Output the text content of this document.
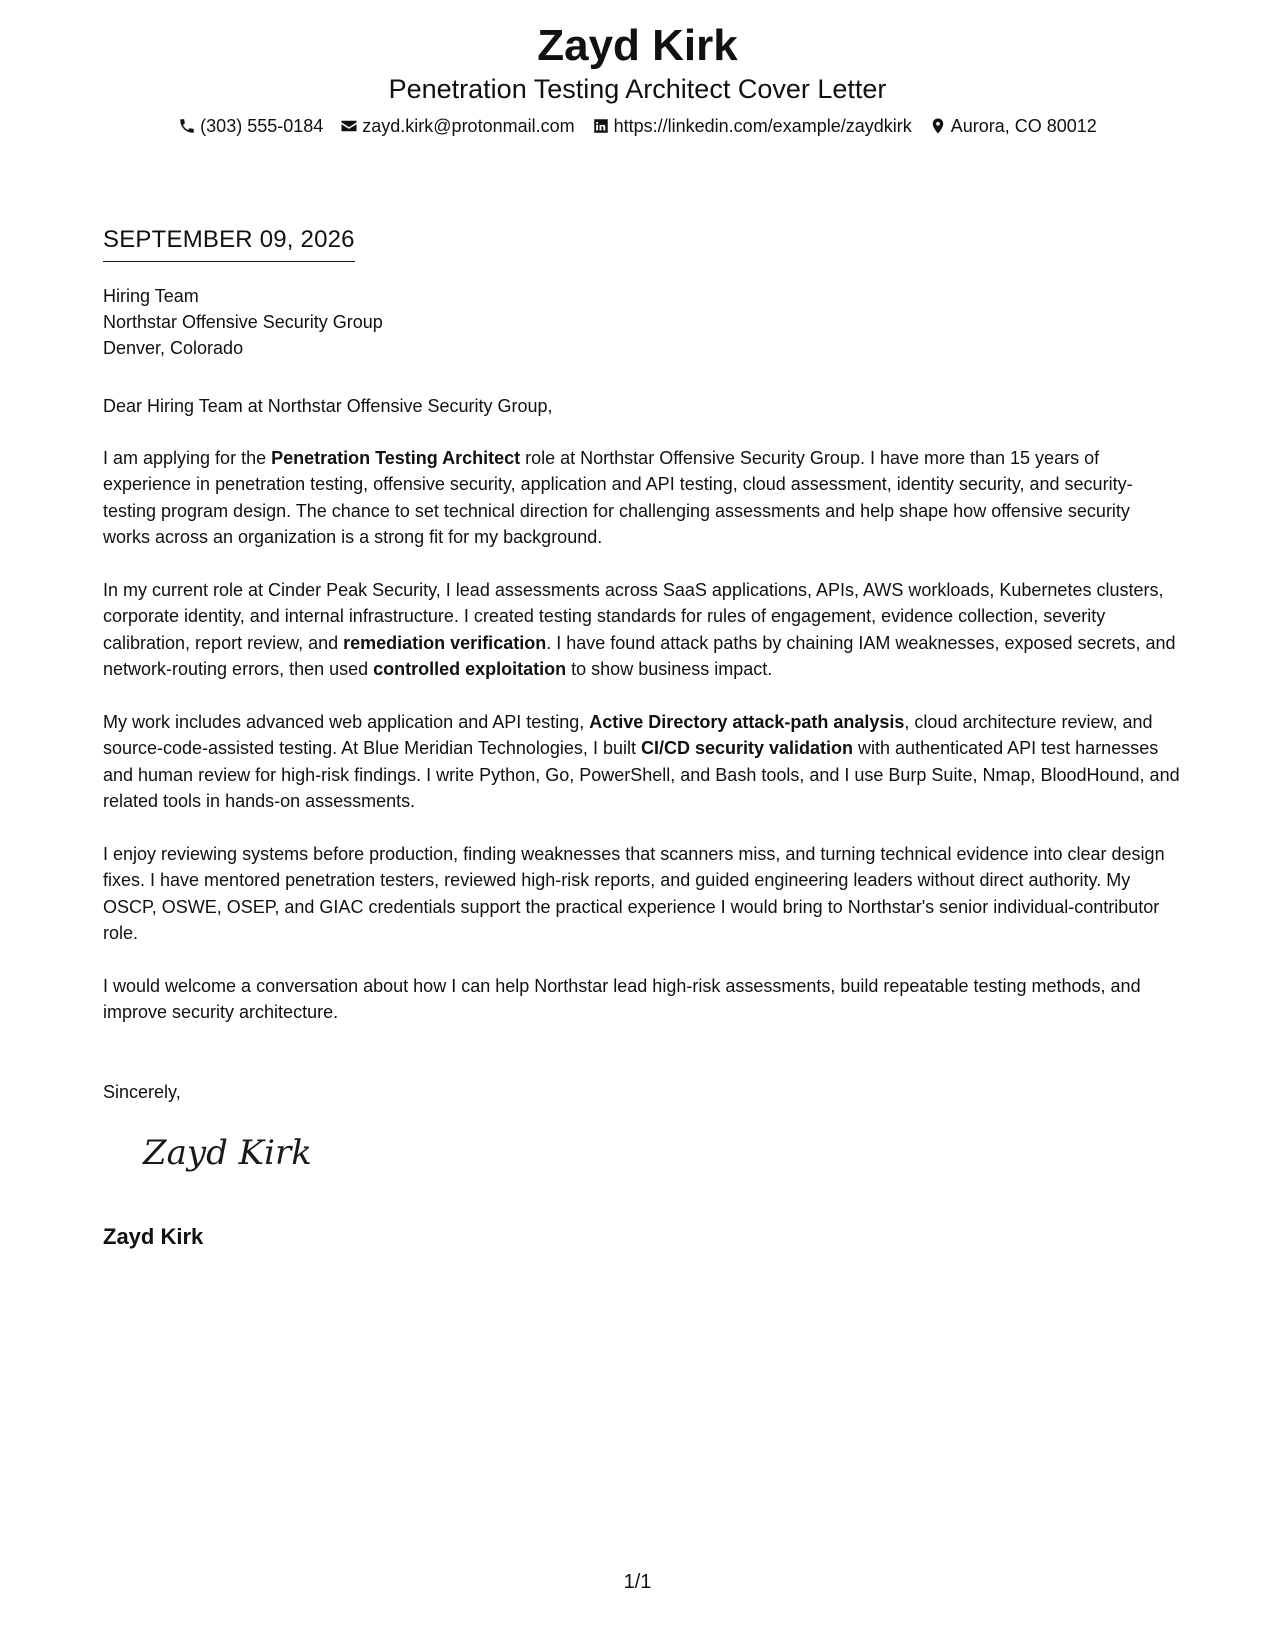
Zayd Kirk
Penetration Testing Architect Cover Letter
(303) 555-0184 zayd.kirk@protonmail.com https://linkedin.com/example/zaydkirk Aurora, CO 80012
SEPTEMBER 09, 2026
Hiring Team
Northstar Offensive Security Group
Denver, Colorado
Dear Hiring Team at Northstar Offensive Security Group,
I am applying for the Penetration Testing Architect role at Northstar Offensive Security Group. I have more than 15 years of experience in penetration testing, offensive security, application and API testing, cloud assessment, identity security, and security-testing program design. The chance to set technical direction for challenging assessments and help shape how offensive security works across an organization is a strong fit for my background.
In my current role at Cinder Peak Security, I lead assessments across SaaS applications, APIs, AWS workloads, Kubernetes clusters, corporate identity, and internal infrastructure. I created testing standards for rules of engagement, evidence collection, severity calibration, report review, and remediation verification. I have found attack paths by chaining IAM weaknesses, exposed secrets, and network-routing errors, then used controlled exploitation to show business impact.
My work includes advanced web application and API testing, Active Directory attack-path analysis, cloud architecture review, and source-code-assisted testing. At Blue Meridian Technologies, I built CI/CD security validation with authenticated API test harnesses and human review for high-risk findings. I write Python, Go, PowerShell, and Bash tools, and I use Burp Suite, Nmap, BloodHound, and related tools in hands-on assessments.
I enjoy reviewing systems before production, finding weaknesses that scanners miss, and turning technical evidence into clear design fixes. I have mentored penetration testers, reviewed high-risk reports, and guided engineering leaders without direct authority. My OSCP, OSWE, OSEP, and GIAC credentials support the practical experience I would bring to Northstar's senior individual-contributor role.
I would welcome a conversation about how I can help Northstar lead high-risk assessments, build repeatable testing methods, and improve security architecture.
Sincerely,
Zayd Kirk
Zayd Kirk
1/1
